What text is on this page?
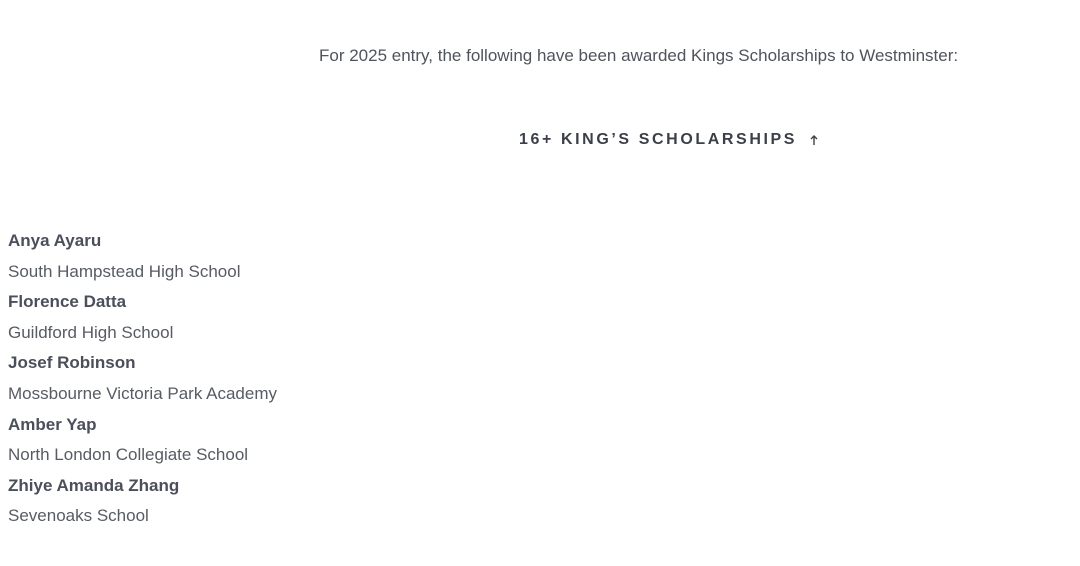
For 2025 entry, the following have been awarded Kings Scholarships to Westminster:

16+ KING’S SCHOLARSHIPS
Anya Ayaru
South Hampstead High School
Florence Datta
Guildford High School
Josef Robinson
Mossbourne Victoria Park Academy
Amber Yap
North London Collegiate School
Zhiye Amanda Zhang
Sevenoaks School
